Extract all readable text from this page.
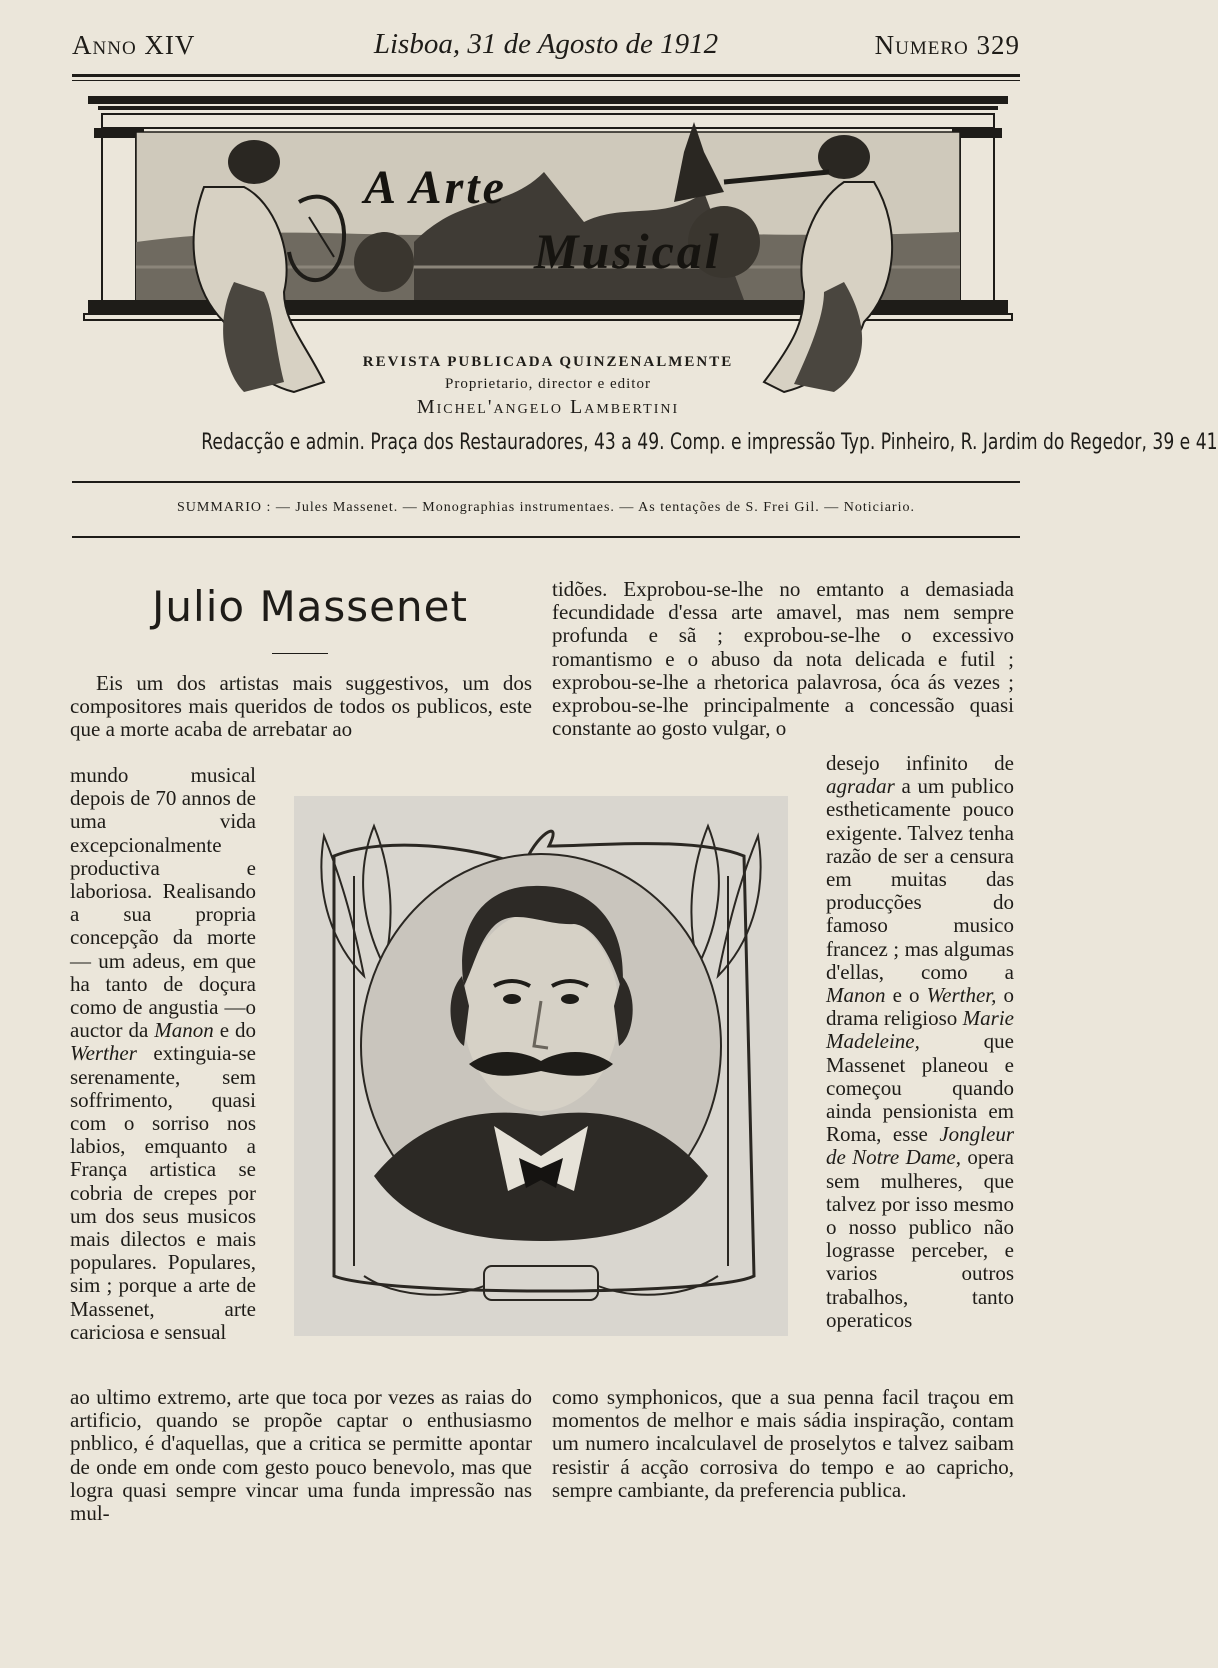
Anno XIV	Lisboa, 31 de Agosto de 1912	Numero 329
A Arte
Musical
REVISTA PUBLICADA QUINZENALMENTE
Proprietario, director e editor
Michel'angelo Lambertini
Redacção e admin. Praça dos Restauradores, 43 a 49. Comp. e impressão Typ. Pinheiro, R. Jardim do Regedor, 39 e 41
SUMMARIO : — Jules Massenet. — Monographias instrumentaes. — As tentações de S. Frei Gil. — Noticiario.
Julio Massenet

Eis um dos artistas mais suggestivos, um dos compositores mais queridos de todos os publicos, este que a morte acaba de arrebatar ao

mundo musical depois de 70 annos de uma vida excepcionalmente productiva e laboriosa. Realisando a sua propria concepção da morte — um adeus, em que ha tanto de doçura como de angustia —o auctor da Manon e do Werther extinguia-se serenamente, sem soffrimento, quasi com o sorriso nos labios, emquanto a França artistica se cobria de crepes por um dos seus musicos mais dilectos e mais populares. Populares, sim ; porque a arte de Massenet, arte cariciosa e sensual

ao ultimo extremo, arte que toca por vezes as raias do artificio, quando se propõe captar o enthusiasmo pnblico, é d'aquellas, que a critica se permitte apontar de onde em onde com gesto pouco benevolo, mas que logra quasi sempre vincar uma funda impressão nas mul-

tidões. Exprobou-se-lhe no emtanto a demasiada fecundidade d'essa arte amavel, mas nem sempre profunda e sã ; exprobou-se-lhe o excessivo romantismo e o abuso da nota delicada e futil ; exprobou-se-lhe a rhetorica palavrosa, óca ás vezes ; exprobou-se-lhe principalmente a concessão quasi constante ao gosto vulgar, o

desejo infinito de agradar a um publico estheticamente pouco exigente. Talvez tenha razão de ser a censura em muitas das producções do famoso musico francez ; mas algumas d'ellas, como a Manon e o Werther, o drama religioso Marie Madeleine, que Massenet planeou e começou quando ainda pensionista em Roma, esse Jongleur de Notre Dame, opera sem mulheres, que talvez por isso mesmo o nosso publico não lograsse perceber, e varios outros trabalhos, tanto operaticos

como symphonicos, que a sua penna facil traçou em momentos de melhor e mais sádia inspiração, contam um numero incalculavel de proselytos e talvez saibam resistir á acção corrosiva do tempo e ao capricho, sempre cambiante, da preferencia publica.
